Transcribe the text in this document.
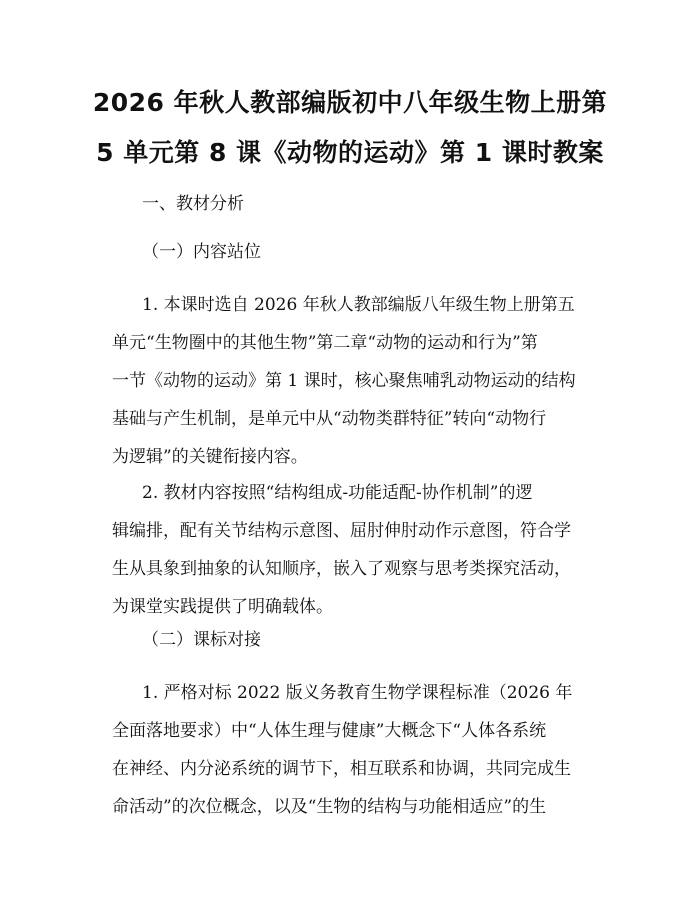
2026 年秋人教部编版初中八年级生物上册第
5 单元第 8 课《动物的运动》第 1 课时教案
一、教材分析
（一）内容站位
1. 本课时选自 2026 年秋人教部编版八年级生物上册第五
单元“生物圈中的其他生物”第二章“动物的运动和行为”第
一节《动物的运动》第 1 课时，核心聚焦哺乳动物运动的结构
基础与产生机制，是单元中从“动物类群特征”转向“动物行
为逻辑”的关键衔接内容。
2. 教材内容按照“结构组成-功能适配-协作机制”的逻
辑编排，配有关节结构示意图、屈肘伸肘动作示意图，符合学
生从具象到抽象的认知顺序，嵌入了观察与思考类探究活动，
为课堂实践提供了明确载体。
（二）课标对接
1. 严格对标 2022 版义务教育生物学课程标准（2026 年
全面落地要求）中“人体生理与健康”大概念下“人体各系统
在神经、内分泌系统的调节下，相互联系和协调，共同完成生
命活动”的次位概念，以及“生物的结构与功能相适应”的生
